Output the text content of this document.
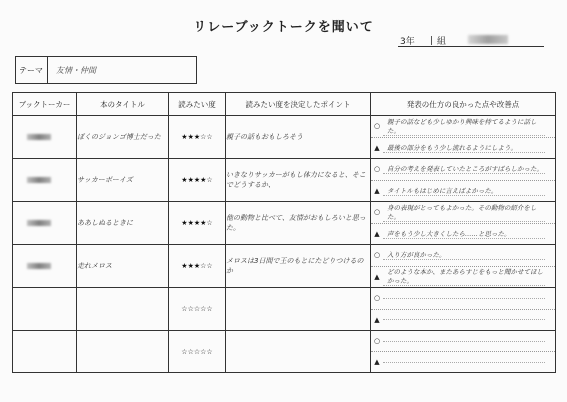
リレーブックトークを聞いて
3年 | 組
テーマ	友情・仲間
ブックトーカー	本のタイトル	読みたい度	読みたい度を決定したポイント	発表の仕方の良かった点や改善点

	ぼくのジョンゴ博士だった	★★★☆☆	親子の話もおもしろそう	○
親子の話なども少しゆかり興味を持てるように話した。
▲ 最後の部分をもう少し流れるようにしよう。

	サッカーボーイズ	★★★★☆	いきなりサッカーがもし体力になると、そこでどうするか、	○ 自分の考えを発表していたところがすばらしかった。
▲ タイトルもはじめに言えばよかった。

	ああしぬるときに	★★★★☆	他の動物と比べて、友情がおもしろいと思った。	○
身の表現がとってもよかった。その動物の紹介をした。
▲ 声をもう少し大きくしたら……と思った。

	走れメロス	★★★☆☆	メロスは3日間で王のもとにたどりつけるのか	○ 入り方が良かった。
▲
どのような本か、またあらすじをもっと聞かせてほしかった。

		☆☆☆☆☆		○
▲

		☆☆☆☆☆		○
▲
